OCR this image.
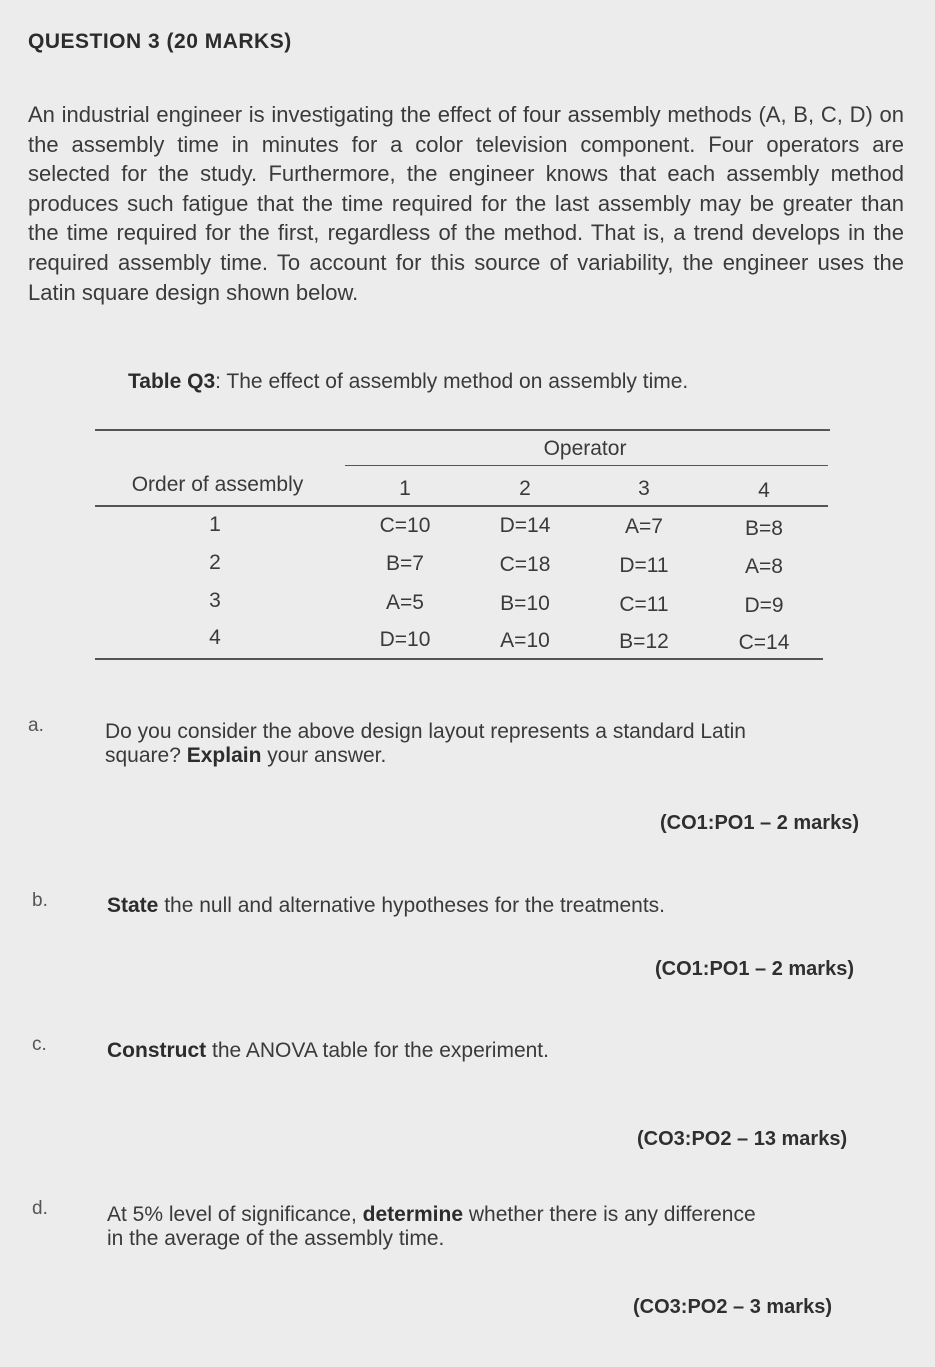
QUESTION 3 (20 MARKS)
An industrial engineer is investigating the effect of four assembly methods (A, B, C, D) on the assembly time in minutes for a color television component. Four operators are selected for the study. Furthermore, the engineer knows that each assembly method produces such fatigue that the time required for the last assembly may be greater than the time required for the first, regardless of the method. That is, a trend develops in the required assembly time. To account for this source of variability, the engineer uses the Latin square design shown below.
Table Q3: The effect of assembly method on assembly time.
Operator
Order of assembly	1	2	3	4
1	C=10	D=14	A=7	B=8
2	B=7	C=18	D=11	A=8
3	A=5	B=10	C=11	D=9
4	D=10	A=10	B=12	C=14
a.	Do you consider the above design layout represents a standard Latin
square? Explain your answer.
(CO1:PO1 – 2 marks)
b.	State the null and alternative hypotheses for the treatments.
(CO1:PO1 – 2 marks)
c.	Construct the ANOVA table for the experiment.
(CO3:PO2 – 13 marks)
d.	At 5% level of significance, determine whether there is any difference
in the average of the assembly time.
(CO3:PO2 – 3 marks)
